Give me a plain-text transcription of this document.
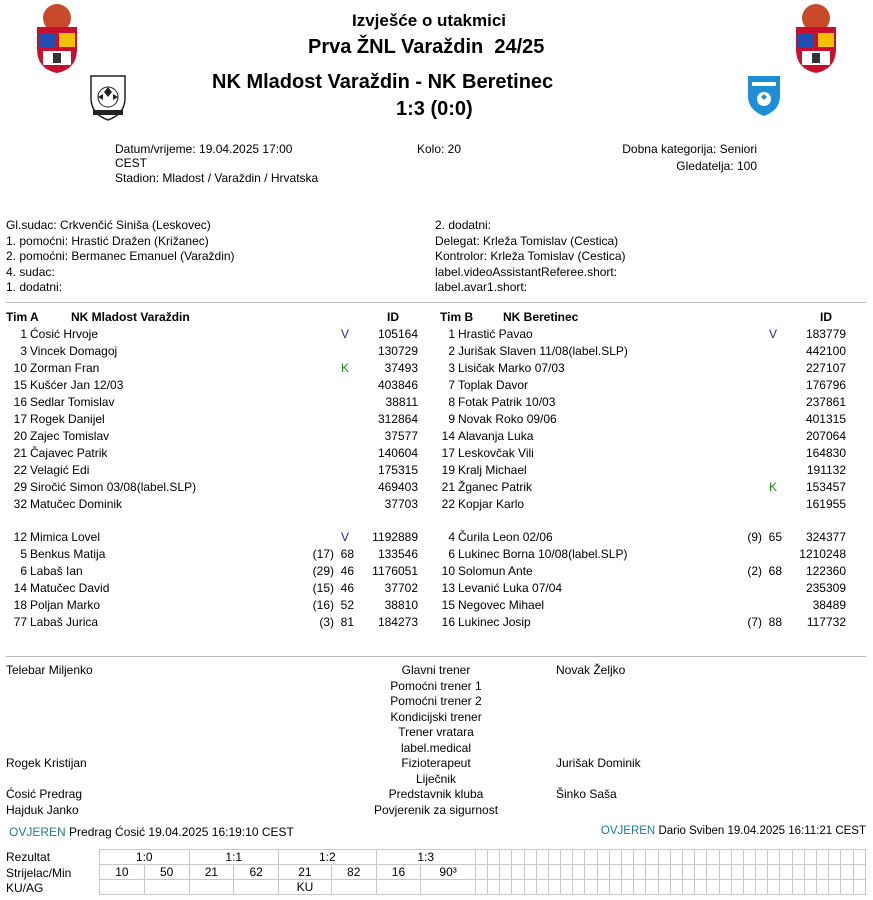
Izvješće o utakmici
Prva ŽNL Varaždin  24/25
NK Mladost Varaždin - NK Beretinec
1:3 (0:0)
Datum/vrijeme: 19.04.2025 17:00
CEST
Stadion: Mladost / Varaždin / Hrvatska
Kolo: 20	Dobna kategorija: Seniori
Gledatelja: 100
Gl.sudac: Crkvenčić Siniša (Leskovec)
1. pomoćni: Hrastić Dražen (Križanec)
2. pomoćni: Bermanec Emanuel (Varaždin)
4. sudac:
1. dodatni:
2. dodatni:
Delegat: Krleža Tomislav (Cestica)
Kontrolor: Krleža Tomislav (Cestica)
label.videoAssistantReferee.short:
label.avar1.short:
Tim A	NK Mladost Varaždin	ID	Tim B NK Beretinec	ID
1 Ćosić Hrvoje	V	105164
3 Vincek Domagoj	130729
10 Zorman Fran	K	37493
15 Kušćer Jan 12/03	403846
16 Sedlar Tomislav	38811
17 Rogek Danijel	312864
20 Zajec Tomislav	37577
21 Čajavec Patrik	140604
22 Velagić Edi	175315
29 Siročić Simon 03/08(label.SLP)	469403
32 Matučec Dominik	37703
12 Mimica Lovel	V	1192889
5 Benkus Matija	(17) 68	133546
6 Labaš Ian	(29) 46	1176051
14 Matučec David	(15) 46	37702
18 Poljan Marko	(16) 52	38810
77 Labaš Jurica	(3) 81	184273
1 Hrastić Pavao	V	183779
2 Jurišak Slaven 11/08(label.SLP)	442100
3 Lisičak Marko 07/03	227107
7 Toplak Davor	176796
8 Fotak Patrik 10/03	237861
9 Novak Roko 09/06	401315
14 Alavanja Luka	207064
17 Leskovčak Vili	164830
19 Kralj Michael	191132
21 Žganec Patrik	K	153457
22 Kopjar Karlo	161955
4 Čurila Leon 02/06	(9) 65	324377
6 Lukinec Borna 10/08(label.SLP)	1210248
10 Solomun Ante	(2) 68	122360
13 Levanić Luka 07/04	235309
15 Negovec Mihael	38489
16 Lukinec Josip	(7) 88	117732
Telebar Miljenko	Glavni trener	Novak Željko
Pomoćni trener 1
Pomoćni trener 2
Kondicijski trener
Trener vratara
label.medical
Rogek Kristijan	Fizioterapeut	Jurišak Dominik
Liječnik
Ćosić Predrag	Predstavnik kluba	Šinko Saša
Hajduk Janko	Povjerenik za sigurnost
OVJEREN Predrag Ćosić 19.04.2025 16:19:10 CEST	OVJEREN Dario Sviben 19.04.2025 16:11:21 CEST
Rezultat
Strijelac/Min
KU/AG
1:0		1:1		1:2		1:3																																	
10	50	21	62	21	82	16	90³																																
				KU																																			
